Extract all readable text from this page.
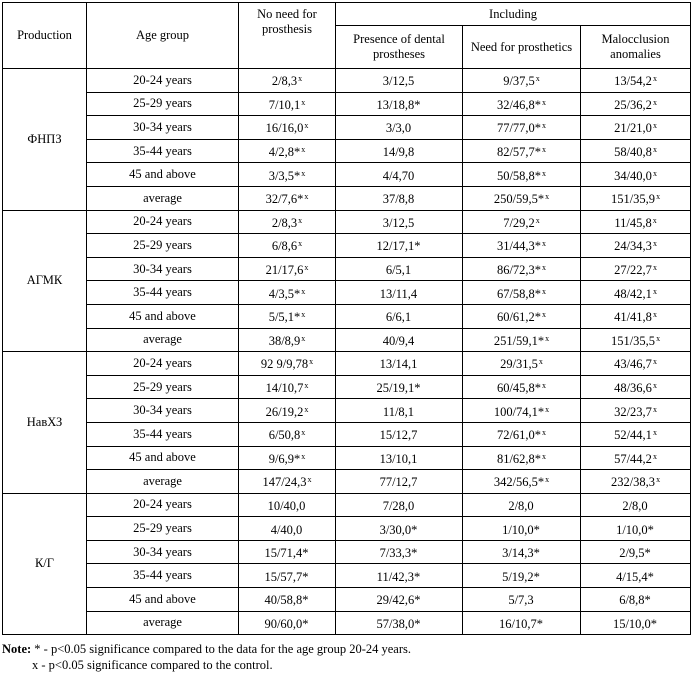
Production	Age group	No need for prosthesis	Including		
			Presence of dental prostheses	Need for prosthetics	Malocclusion anomalies
ФНПЗ	20-24 years	2/8,3$^x$	3/12,5	9/37,5$^x$	13/54,2$^x$
	25-29 years	7/10,1$^x$	13/18,8*	32/46,8*$^x$	25/36,2$^x$
	30-34 years	16/16,0$^x$	3/3,0	77/77,0*$^x$	21/21,0$^x$
	35-44 years	4/2,8*$^x$	14/9,8	82/57,7*$^x$	58/40,8$^x$
	45 and above	3/3,5*$^x$	4/4,70	50/58,8*$^x$	34/40,0$^x$
	average	32/7,6*$^x$	37/8,8	250/59,5*$^x$	151/35,9$^x$
АГМК	20-24 years	2/8,3$^x$	3/12,5	7/29,2$^x$	11/45,8$^x$
	25-29 years	6/8,6$^x$	12/17,1*	31/44,3*$^x$	24/34,3$^x$
	30-34 years	21/17,6$^x$	6/5,1	86/72,3*$^x$	27/22,7$^x$
	35-44 years	4/3,5*$^x$	13/11,4	67/58,8*$^x$	48/42,1$^x$
	45 and above	5/5,1*$^x$	6/6,1	60/61,2*$^x$	41/41,8$^x$
	average	38/8,9$^x$	40/9,4	251/59,1*$^x$	151/35,5$^x$
НавХЗ	20-24 years	92 9/9,78$^x$	13/14,1	29/31,5$^x$	43/46,7$^x$
	25-29 years	14/10,7$^x$	25/19,1*	60/45,8*$^x$	48/36,6$^x$
	30-34 years	26/19,2$^x$	11/8,1	100/74,1*$^x$	32/23,7$^x$
	35-44 years	6/50,8$^x$	15/12,7	72/61,0*$^x$	52/44,1$^x$
	45 and above	9/6,9*$^x$	13/10,1	81/62,8*$^x$	57/44,2$^x$
	average	147/24,3$^x$	77/12,7	342/56,5*$^x$	232/38,3$^x$
К/Г	20-24 years	10/40,0	7/28,0	2/8,0	2/8,0
	25-29 years	4/40,0	3/30,0*	1/10,0*	1/10,0*
	30-34 years	15/71,4*	7/33,3*	3/14,3*	2/9,5*
	35-44 years	15/57,7*	11/42,3*	5/19,2*	4/15,4*
	45 and above	40/58,8*	29/42,6*	5/7,3	6/8,8*
	average	90/60,0*	57/38,0*	16/10,7*	15/10,0*
Note: * - p<0.05 significance compared to the data for the age group 20-24 years.
x - p<0.05 significance compared to the control.
